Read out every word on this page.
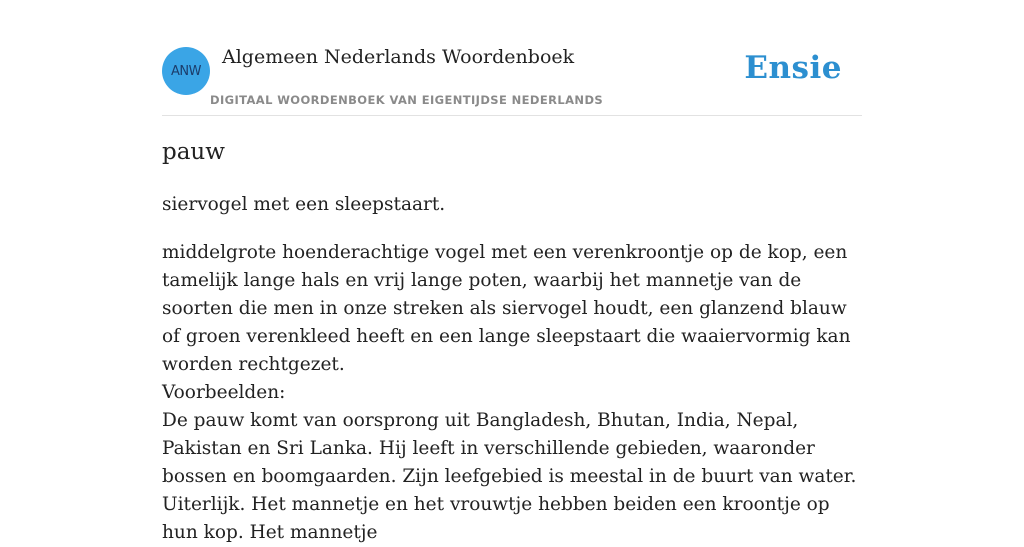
ANW
Algemeen Nederlands Woordenboek
DIGITAAL WOORDENBOEK VAN EIGENTIJDSE NEDERLANDS
Ensie
pauw
siervogel met een sleepstaart.

middelgrote hoenderachtige vogel met een verenkroontje op de kop, een tamelijk lange hals en vrij lange poten, waarbij het mannetje van de soorten die men in onze streken als siervogel houdt, een glanzend blauw of groen verenkleed heeft en een lange sleepstaart die waaiervormig kan worden rechtgezet.

Voorbeelden:
De pauw komt van oorsprong uit Bangladesh, Bhutan, India, Nepal, Pakistan en Sri Lanka. Hij leeft in verschillende gebieden, waaronder bossen en boomgaarden. Zijn leefgebied is meestal in de buurt van water. Uiterlijk. Het mannetje en het vrouwtje hebben beiden een kroontje op hun kop. Het mannetje
